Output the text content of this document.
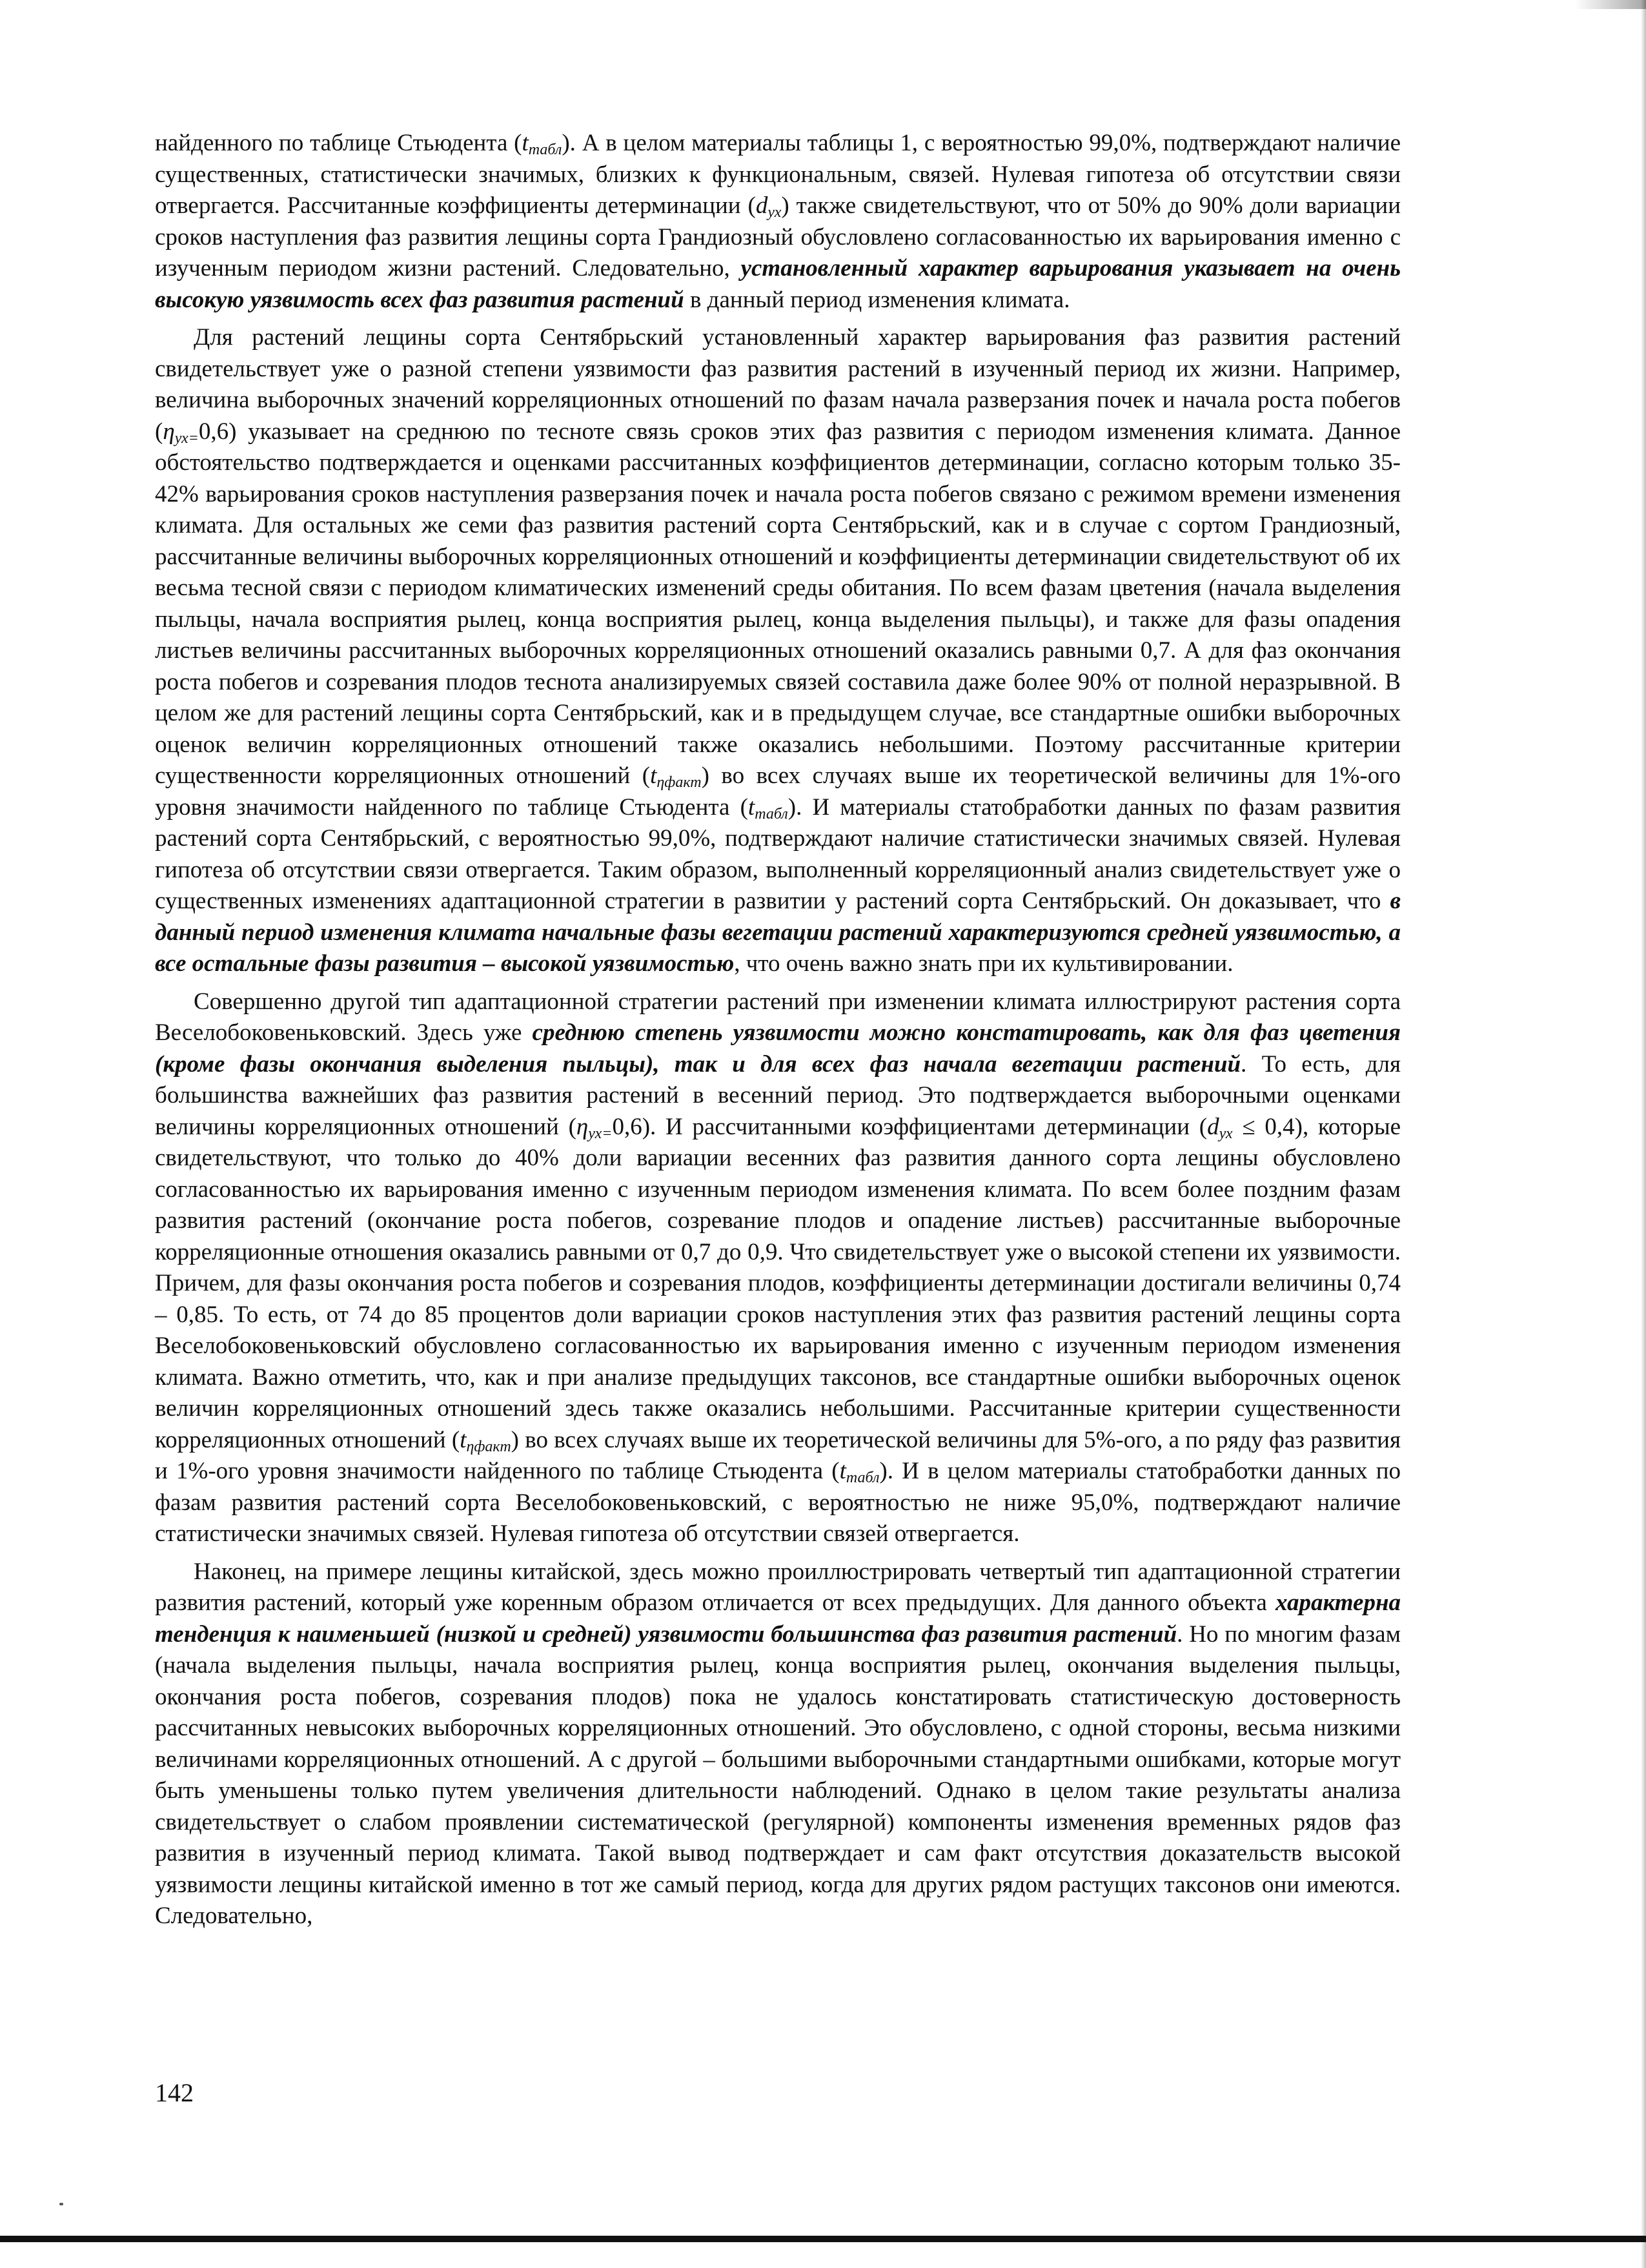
найденного по таблице Стьюдента (tтабл). А в целом материалы таблицы 1, с вероятностью 99,0%, подтверждают наличие существенных, статистически значимых, близких к функциональным, связей. Нулевая гипотеза об отсутствии связи отвергается. Рассчитанные коэффициенты детерминации (dух) также свидетельствуют, что от 50% до 90% доли вариации сроков наступления фаз развития лещины сорта Грандиозный обусловлено согласованностью их варьирования именно с изученным периодом жизни растений. Следовательно, установленный характер варьирования указывает на очень высокую уязвимость всех фаз развития растений в данный период изменения климата.

Для растений лещины сорта Сентябрьский установленный характер варьирования фаз развития растений свидетельствует уже о разной степени уязвимости фаз развития растений в изученный период их жизни. Например, величина выборочных значений корреляционных отношений по фазам начала разверзания почек и начала роста побегов (ηух=0,6) указывает на среднюю по тесноте связь сроков этих фаз развития с периодом изменения климата. Данное обстоятельство подтверждается и оценками рассчитанных коэффициентов детерминации, согласно которым только 35-42% варьирования сроков наступления разверзания почек и начала роста побегов связано с режимом времени изменения климата. Для остальных же семи фаз развития растений сорта Сентябрьский, как и в случае с сортом Грандиозный, рассчитанные величины выборочных корреляционных отношений и коэффициенты детерминации свидетельствуют об их весьма тесной связи с периодом климатических изменений среды обитания. По всем фазам цветения (начала выделения пыльцы, начала восприятия рылец, конца восприятия рылец, конца выделения пыльцы), и также для фазы опадения листьев величины рассчитанных выборочных корреляционных отношений оказались равными 0,7. А для фаз окончания роста побегов и созревания плодов теснота анализируемых связей составила даже более 90% от полной неразрывной. В целом же для растений лещины сорта Сентябрьский, как и в предыдущем случае, все стандартные ошибки выборочных оценок величин корреляционных отношений также оказались небольшими. Поэтому рассчитанные критерии существенности корреляционных отношений (tηфакт) во всех случаях выше их теоретической величины для 1%-ого уровня значимости найденного по таблице Стьюдента (tтабл). И материалы статобработки данных по фазам развития растений сорта Сентябрьский, с вероятностью 99,0%, подтверждают наличие статистически значимых связей. Нулевая гипотеза об отсутствии связи отвергается. Таким образом, выполненный корреляционный анализ свидетельствует уже о существенных изменениях адаптационной стратегии в развитии у растений сорта Сентябрьский. Он доказывает, что в данный период изменения климата начальные фазы вегетации растений характеризуются средней уязвимостью, а все остальные фазы развития – высокой уязвимостью, что очень важно знать при их культивировании.

Совершенно другой тип адаптационной стратегии растений при изменении климата иллюстрируют растения сорта Веселобоковеньковский. Здесь уже среднюю степень уязвимости можно констатировать, как для фаз цветения (кроме фазы окончания выделения пыльцы), так и для всех фаз начала вегетации растений. То есть, для большинства важнейших фаз развития растений в весенний период. Это подтверждается выборочными оценками величины корреляционных отношений (ηух=0,6). И рассчитанными коэффициентами детерминации (dух ≤ 0,4), которые свидетельствуют, что только до 40% доли вариации весенних фаз развития данного сорта лещины обусловлено согласованностью их варьирования именно с изученным периодом изменения климата. По всем более поздним фазам развития растений (окончание роста побегов, созревание плодов и опадение листьев) рассчитанные выборочные корреляционные отношения оказались равными от 0,7 до 0,9. Что свидетельствует уже о высокой степени их уязвимости. Причем, для фазы окончания роста побегов и созревания плодов, коэффициенты детерминации достигали величины 0,74 – 0,85. То есть, от 74 до 85 процентов доли вариации сроков наступления этих фаз развития растений лещины сорта Веселобоковеньковский обусловлено согласованностью их варьирования именно с изученным периодом изменения климата. Важно отметить, что, как и при анализе предыдущих таксонов, все стандартные ошибки выборочных оценок величин корреляционных отношений здесь также оказались небольшими. Рассчитанные критерии существенности корреляционных отношений (tηфакт) во всех случаях выше их теоретической величины для 5%-ого, а по ряду фаз развития и 1%-ого уровня значимости найденного по таблице Стьюдента (tтабл). И в целом материалы статобработки данных по фазам развития растений сорта Веселобоковеньковский, с вероятностью не ниже 95,0%, подтверждают наличие статистически значимых связей. Нулевая гипотеза об отсутствии связей отвергается.

Наконец, на примере лещины китайской, здесь можно проиллюстрировать четвертый тип адаптационной стратегии развития растений, который уже коренным образом отличается от всех предыдущих. Для данного объекта характерна тенденция к наименьшей (низкой и средней) уязвимости большинства фаз развития растений. Но по многим фазам (начала выделения пыльцы, начала восприятия рылец, конца восприятия рылец, окончания выделения пыльцы, окончания роста побегов, созревания плодов) пока не удалось констатировать статистическую достоверность рассчитанных невысоких выборочных корреляционных отношений. Это обусловлено, с одной стороны, весьма низкими величинами корреляционных отношений. А с другой – большими выборочными стандартными ошибками, которые могут быть уменьшены только путем увеличения длительности наблюдений. Однако в целом такие результаты анализа свидетельствует о слабом проявлении систематической (регулярной) компоненты изменения временных рядов фаз развития в изученный период климата. Такой вывод подтверждает и сам факт отсутствия доказательств высокой уязвимости лещины китайской именно в тот же самый период, когда для других рядом растущих таксонов они имеются. Следовательно,

142
